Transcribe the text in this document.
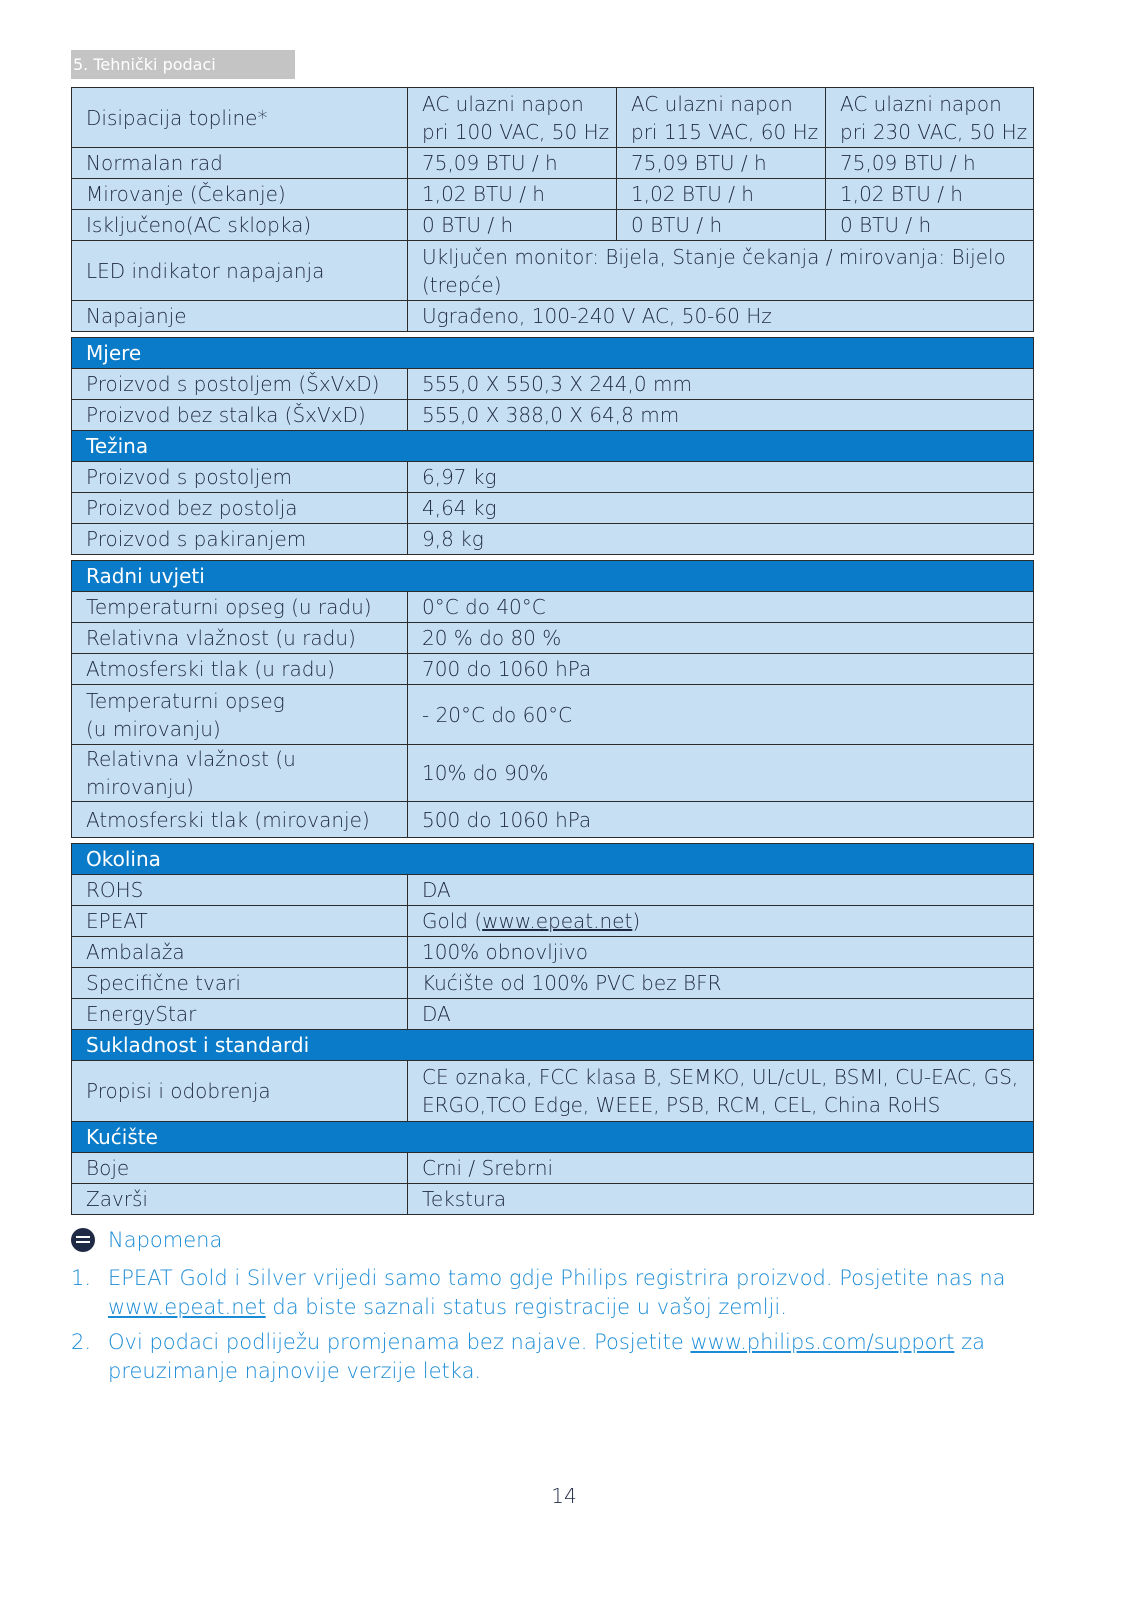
5. Tehnički podaci
Disipacija topline*	AC ulazni napon pri 100 VAC, 50 Hz	AC ulazni napon pri 115 VAC, 60 Hz	AC ulazni napon pri 230 VAC, 50 Hz
Normalan rad	75,09 BTU / h	75,09 BTU / h	75,09 BTU / h
Mirovanje (Čekanje)	1,02 BTU / h	1,02 BTU / h	1,02 BTU / h
Isključeno(AC sklopka)	0 BTU / h	0 BTU / h	0 BTU / h
LED indikator napajanja	Uključen monitor: Bijela, Stanje čekanja / mirovanja: Bijelo (trepće)		
Napajanje	Ugrađeno, 100-240 V AC, 50-60 Hz		
Mjere	
Proizvod s postoljem (ŠxVxD)	555,0 X 550,3 X 244,0 mm
Proizvod bez stalka (ŠxVxD)	555,0 X 388,0 X 64,8 mm
Težina	
Proizvod s postoljem	6,97 kg
Proizvod bez postolja	4,64 kg
Proizvod s pakiranjem	9,8 kg

Radni uvjeti	
Temperaturni opseg (u radu)	0°C do 40°C
Relativna vlažnost (u radu)	20 % do 80 %
Atmosferski tlak (u radu)	700 do 1060 hPa
Temperaturni opseg (u mirovanju)	- 20°C do 60°C
Relativna vlažnost (u mirovanju)	10% do 90%
Atmosferski tlak (mirovanje)	500 do 1060 hPa

Okolina	
ROHS	DA
EPEAT	Gold (www.epeat.net)
Ambalaža	100% obnovljivo
Specifične tvari	Kućište od 100% PVC bez BFR
EnergyStar	DA
Sukladnost i standardi	
Propisi i odobrenja	CE oznaka, FCC klasa B, SEMKO, UL/cUL, BSMI, CU-EAC, GS, ERGO,TCO Edge, WEEE, PSB, RCM, CEL, China RoHS
Kućište	
Boje	Crni / Srebrni
Završi	Tekstura
Napomena
1. EPEAT Gold i Silver vrijedi samo tamo gdje Philips registrira proizvod. Posjetite nas na www.epeat.net da biste saznali status registracije u vašoj zemlji.
2. Ovi podaci podliježu promjenama bez najave. Posjetite www.philips.com/support za preuzimanje najnovije verzije letka.
14
